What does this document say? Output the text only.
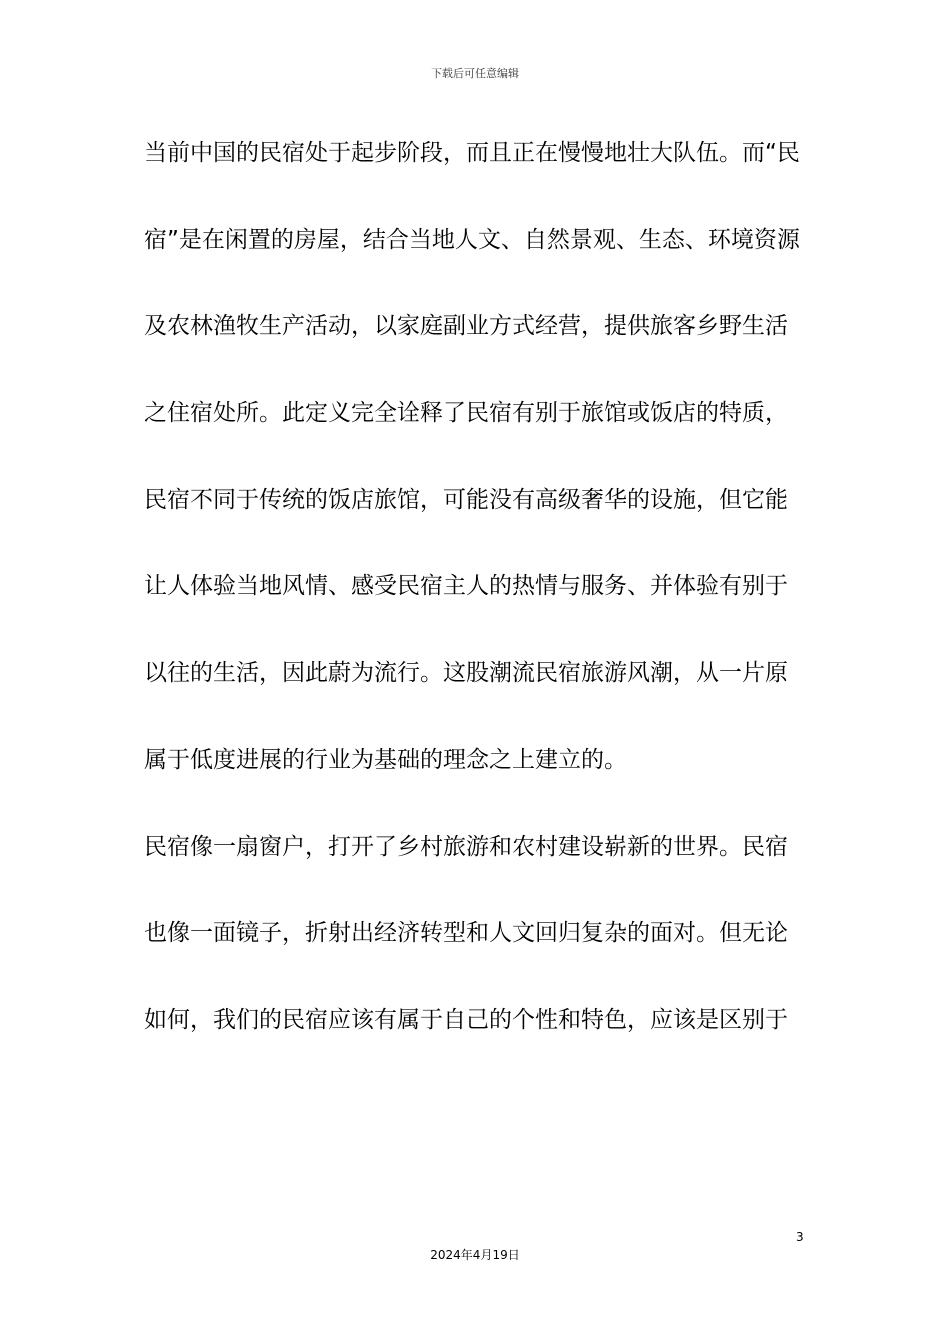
下载后可任意编辑
当前中国的民宿处于起步阶段，而且正在慢慢地壮大队伍。而“民
宿”是在闲置的房屋，结合当地人文、自然景观、生态、环境资源
及农林渔牧生产活动，以家庭副业方式经营，提供旅客乡野生活
之住宿处所。此定义完全诠释了民宿有别于旅馆或饭店的特质，
民宿不同于传统的饭店旅馆，可能没有高级奢华的设施，但它能
让人体验当地风情、感受民宿主人的热情与服务、并体验有别于
以往的生活，因此蔚为流行。这股潮流民宿旅游风潮，从一片原
属于低度进展的行业为基础的理念之上建立的。
民宿像一扇窗户，打开了乡村旅游和农村建设崭新的世界。民宿
也像一面镜子，折射出经济转型和人文回归复杂的面对。但无论
如何，我们的民宿应该有属于自己的个性和特色，应该是区别于
3
2024年4月19日
